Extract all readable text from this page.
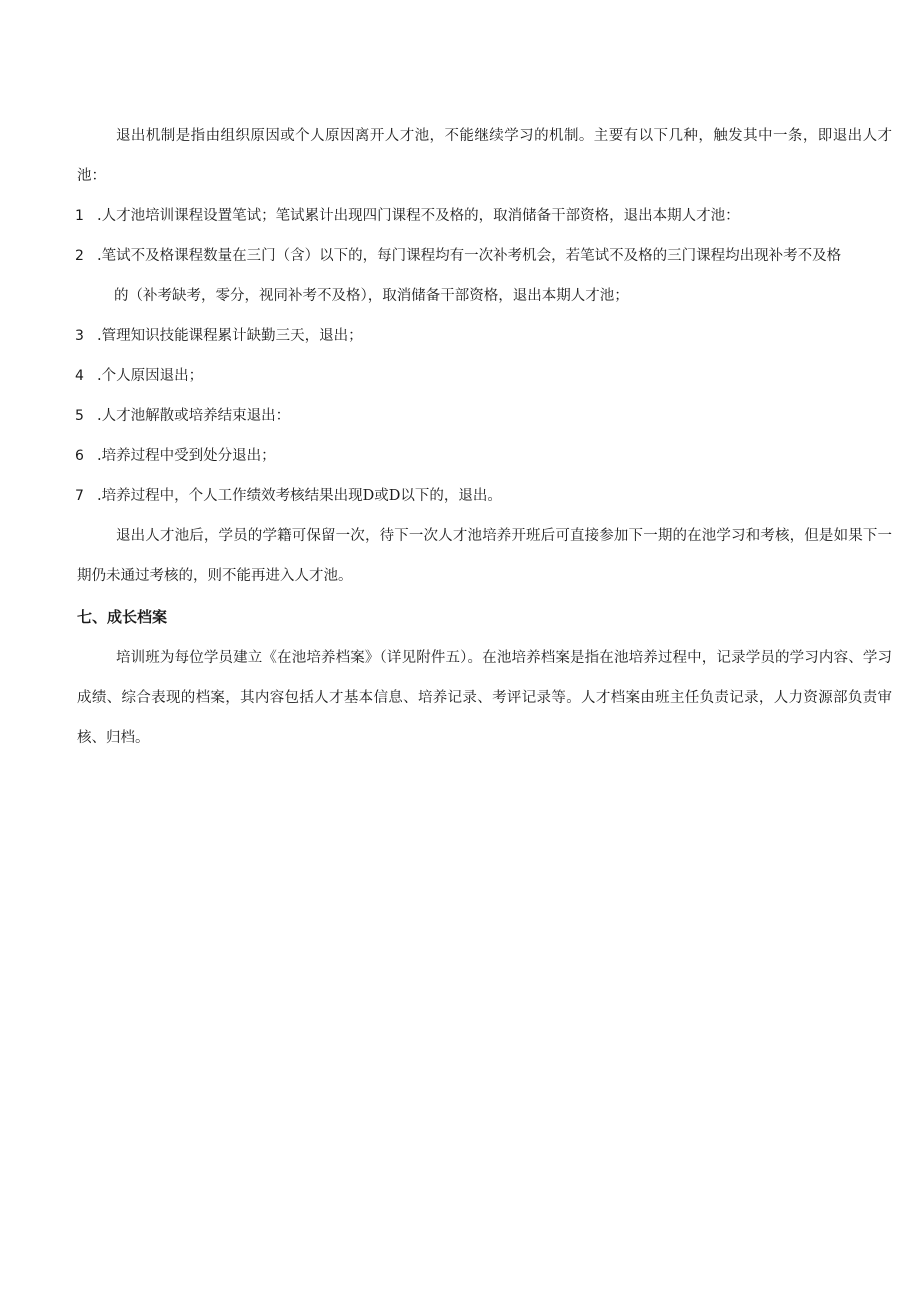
退出机制是指由组织原因或个人原因离开人才池，不能继续学习的机制。主要有以下几种，触发其中一条，即退出人才池：

1 .人才池培训课程设置笔试；笔试累计出现四门课程不及格的，取消储备干部资格，退出本期人才池：

2 .笔试不及格课程数量在三门（含）以下的，每门课程均有一次补考机会，若笔试不及格的三门课程均出现补考不及格
的（补考缺考，零分，视同补考不及格），取消储备干部资格，退出本期人才池；

3 .管理知识技能课程累计缺勤三天，退出；

4 .个人原因退出；

5 .人才池解散或培养结束退出：

6 .培养过程中受到处分退出；

7 .培养过程中，个人工作绩效考核结果出现D或D以下的，退出。

退出人才池后，学员的学籍可保留一次，待下一次人才池培养开班后可直接参加下一期的在池学习和考核，但是如果下一期仍未通过考核的，则不能再进入人才池。

七、成长档案

培训班为每位学员建立《在池培养档案》（详见附件五）。在池培养档案是指在池培养过程中，记录学员的学习内容、学习成绩、综合表现的档案，其内容包括人才基本信息、培养记录、考评记录等。人才档案由班主任负责记录，人力资源部负责审核、归档。
